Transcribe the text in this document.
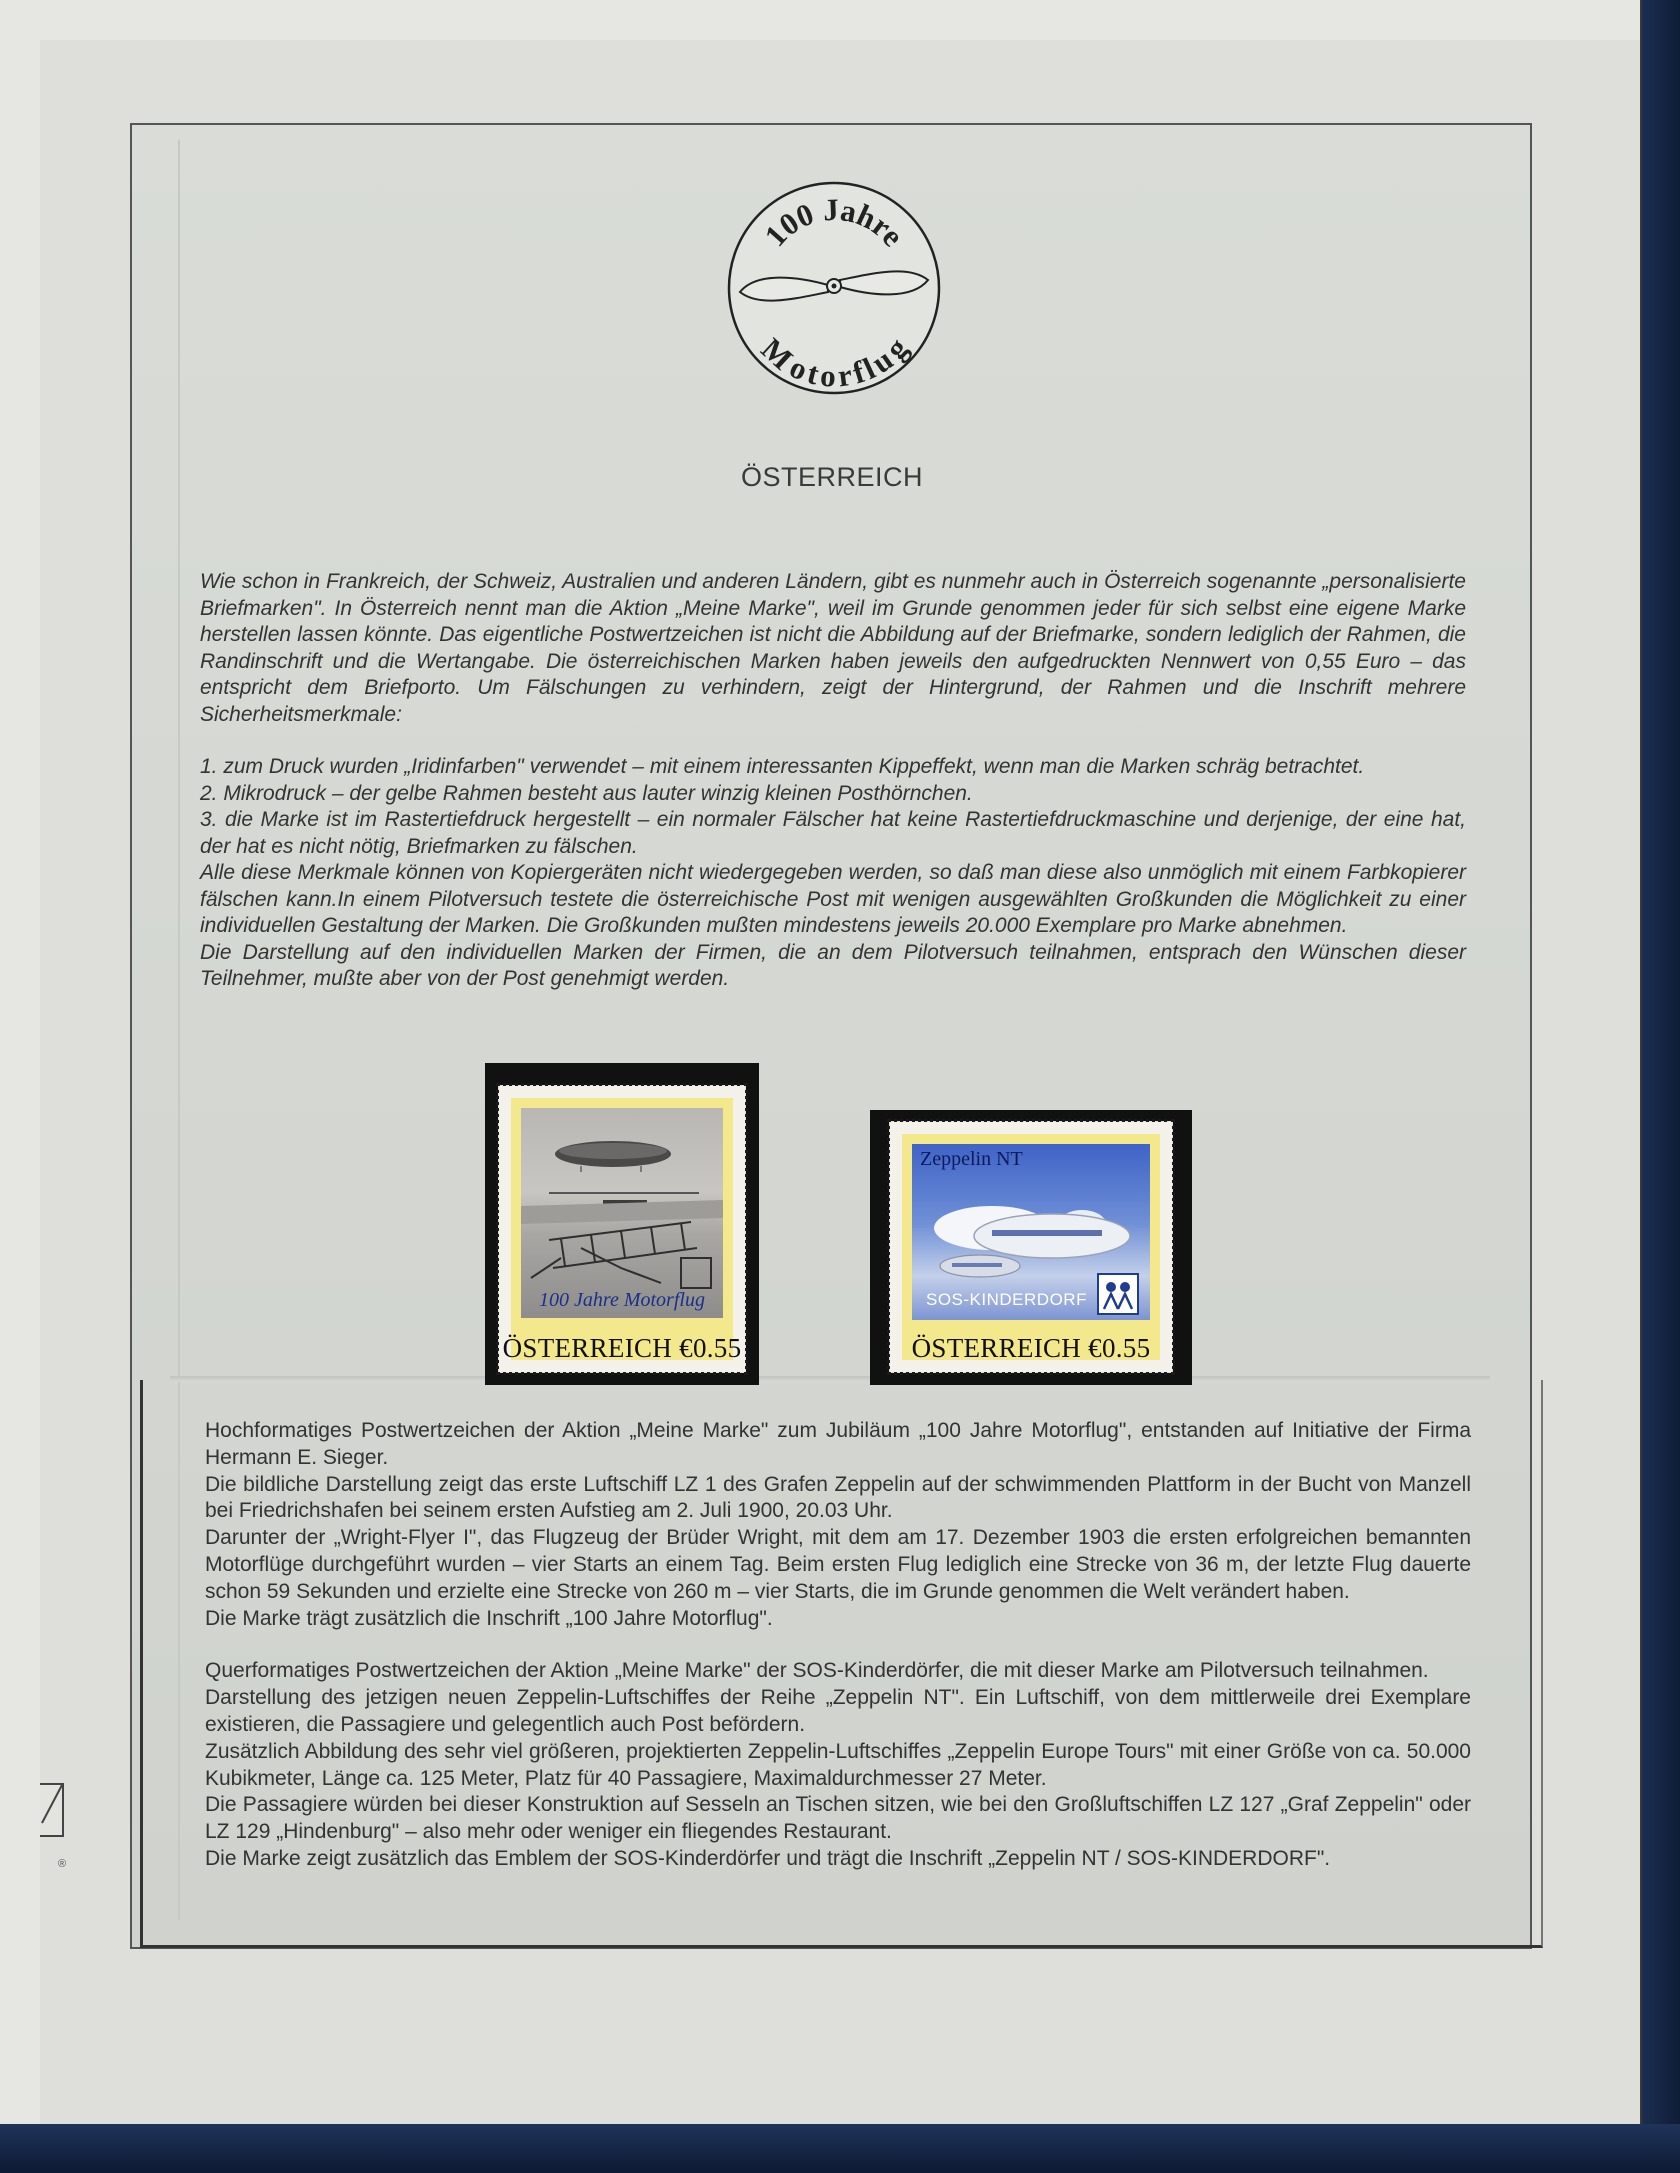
100 Jahre
Motorflug
ÖSTERREICH

Wie schon in Frankreich, der Schweiz, Australien und anderen Ländern, gibt es nunmehr auch in Österreich sogenannte „personalisierte Briefmarken". In Österreich nennt man die Aktion „Meine Marke", weil im Grunde genommen jeder für sich selbst eine eigene Marke herstellen lassen könnte. Das eigentliche Postwertzeichen ist nicht die Abbildung auf der Briefmarke, sondern lediglich der Rahmen, die Randinschrift und die Wertangabe. Die österreichischen Marken haben jeweils den aufgedruckten Nennwert von 0,55 Euro – das entspricht dem Briefporto. Um Fälschungen zu verhindern, zeigt der Hintergrund, der Rahmen und die Inschrift mehrere Sicherheitsmerkmale:

1. zum Druck wurden „Iridinfarben" verwendet – mit einem interessanten Kippeffekt, wenn man die Marken schräg betrachtet.

2. Mikrodruck – der gelbe Rahmen besteht aus lauter winzig kleinen Posthörnchen.

3. die Marke ist im Rastertiefdruck hergestellt – ein normaler Fälscher hat keine Rastertiefdruckmaschine und derjenige, der eine hat, der hat es nicht nötig, Briefmarken zu fälschen.

Alle diese Merkmale können von Kopiergeräten nicht wiedergegeben werden, so daß man diese also unmöglich mit einem Farbkopierer fälschen kann.In einem Pilotversuch testete die österreichische Post mit wenigen ausgewählten Großkunden die Möglichkeit zu einer individuellen Gestaltung der Marken. Die Großkunden mußten mindestens jeweils 20.000 Exemplare pro Marke abnehmen.

Die Darstellung auf den individuellen Marken der Firmen, die an dem Pilotversuch teilnahmen, entsprach den Wünschen dieser Teilnehmer, mußte aber von der Post genehmigt werden.

100 Jahre Motorflug
ÖSTERREICH €0.55
Zeppelin NT
SOS-KINDERDORF
ÖSTERREICH €0.55

Hochformatiges Postwertzeichen der Aktion „Meine Marke" zum Jubiläum „100 Jahre Motorflug", entstanden auf Initiative der Firma Hermann E. Sieger.

Die bildliche Darstellung zeigt das erste Luftschiff LZ 1 des Grafen Zeppelin auf der schwimmenden Plattform in der Bucht von Manzell bei Friedrichshafen bei seinem ersten Aufstieg am 2. Juli 1900, 20.03 Uhr.

Darunter der „Wright-Flyer I", das Flugzeug der Brüder Wright, mit dem am 17. Dezember 1903 die ersten erfolgreichen bemannten Motorflüge durchgeführt wurden – vier Starts an einem Tag. Beim ersten Flug lediglich eine Strecke von 36 m, der letzte Flug dauerte schon 59 Sekunden und erzielte eine Strecke von 260 m – vier Starts, die im Grunde genommen die Welt verändert haben.

Die Marke trägt zusätzlich die Inschrift „100 Jahre Motorflug".

Querformatiges Postwertzeichen der Aktion „Meine Marke" der SOS-Kinderdörfer, die mit dieser Marke am Pilotversuch teilnahmen.

Darstellung des jetzigen neuen Zeppelin-Luftschiffes der Reihe „Zeppelin NT". Ein Luftschiff, von dem mittlerweile drei Exemplare existieren, die Passagiere und gelegentlich auch Post befördern.

Zusätzlich Abbildung des sehr viel größeren, projektierten Zeppelin-Luftschiffes „Zeppelin Europe Tours" mit einer Größe von ca. 50.000 Kubikmeter, Länge ca. 125 Meter, Platz für 40 Passagiere, Maximaldurchmesser 27 Meter.

Die Passagiere würden bei dieser Konstruktion auf Sesseln an Tischen sitzen, wie bei den Großluftschiffen LZ 127 „Graf Zeppelin" oder LZ 129 „Hindenburg" – also mehr oder weniger ein fliegendes Restaurant.

Die Marke zeigt zusätzlich das Emblem der SOS-Kinderdörfer und trägt die Inschrift „Zeppelin NT / SOS-KINDERDORF".

®
